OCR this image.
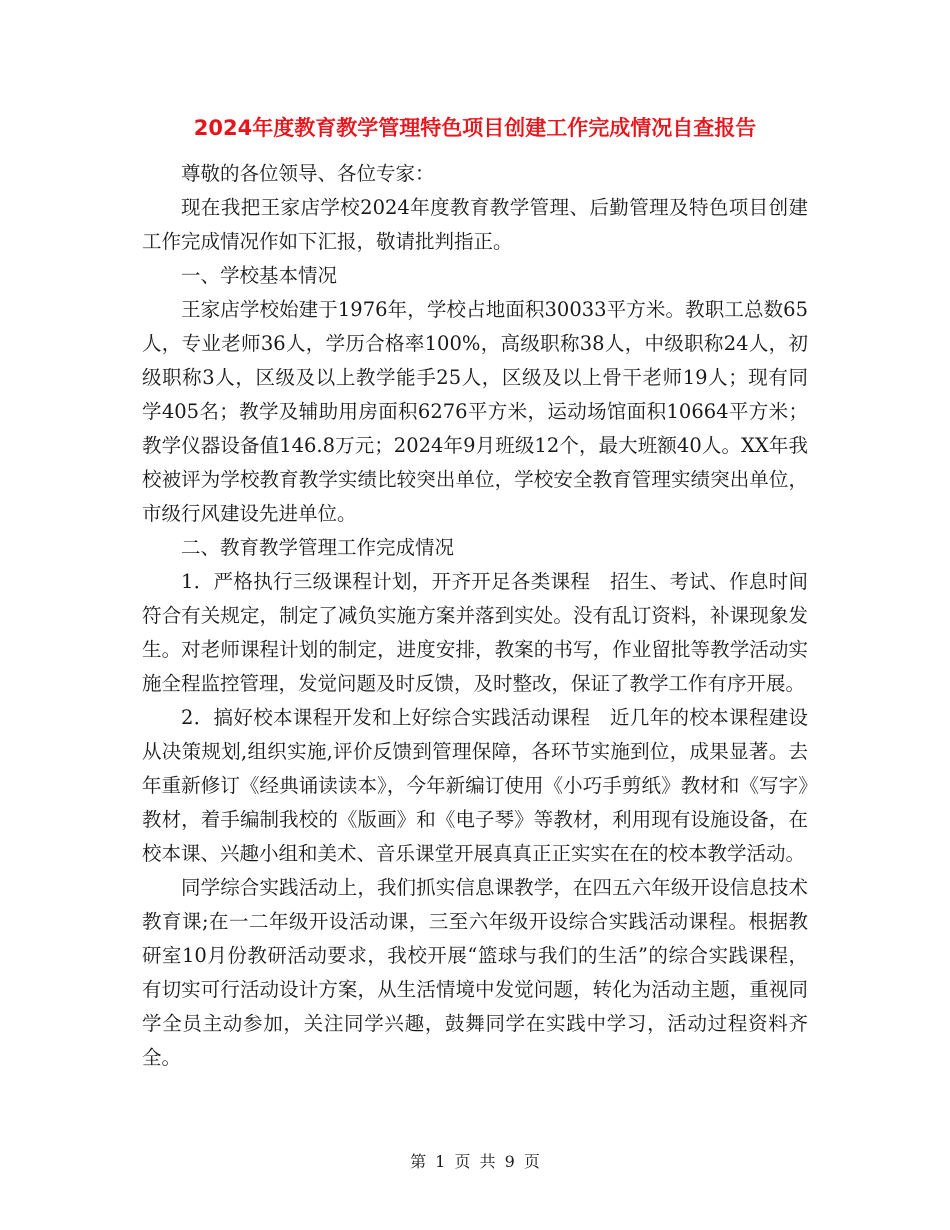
2024年度教育教学管理特色项目创建工作完成情况自查报告

尊敬的各位领导、各位专家：

现在我把王家店学校2024年度教育教学管理、后勤管理及特色项目创建工作完成情况作如下汇报，敬请批判指正。

一、学校基本情况

王家店学校始建于1976年，学校占地面积30033平方米。教职工总数65人，专业老师36人，学历合格率100%，高级职称38人，中级职称24人，初级职称3人，区级及以上教学能手25人，区级及以上骨干老师19人；现有同学405名；教学及辅助用房面积6276平方米，运动场馆面积10664平方米；教学仪器设备值146.8万元；2024年9月班级12个，最大班额40人。XX年我校被评为学校教育教学实绩比较突出单位，学校安全教育管理实绩突出单位，市级行风建设先进单位。

二、教育教学管理工作完成情况

1．严格执行三级课程计划，开齐开足各类课程　招生、考试、作息时间符合有关规定，制定了减负实施方案并落到实处。没有乱订资料，补课现象发生。对老师课程计划的制定，进度安排，教案的书写，作业留批等教学活动实施全程监控管理，发觉问题及时反馈，及时整改，保证了教学工作有序开展。

2．搞好校本课程开发和上好综合实践活动课程　近几年的校本课程建设从决策规划,组织实施,评价反馈到管理保障，各环节实施到位，成果显著。去年重新修订《经典诵读读本》，今年新编订使用《小巧手剪纸》教材和《写字》教材，着手编制我校的《版画》和《电子琴》等教材，利用现有设施设备，在校本课、兴趣小组和美术、音乐课堂开展真真正正实实在在的校本教学活动。

同学综合实践活动上，我们抓实信息课教学，在四五六年级开设信息技术教育课;在一二年级开设活动课，三至六年级开设综合实践活动课程。根据教研室10月份教研活动要求，我校开展“篮球与我们的生活”的综合实践课程，有切实可行活动设计方案，从生活情境中发觉问题，转化为活动主题，重视同学全员主动参加，关注同学兴趣，鼓舞同学在实践中学习，活动过程资料齐全。

第 1 页 共 9 页
